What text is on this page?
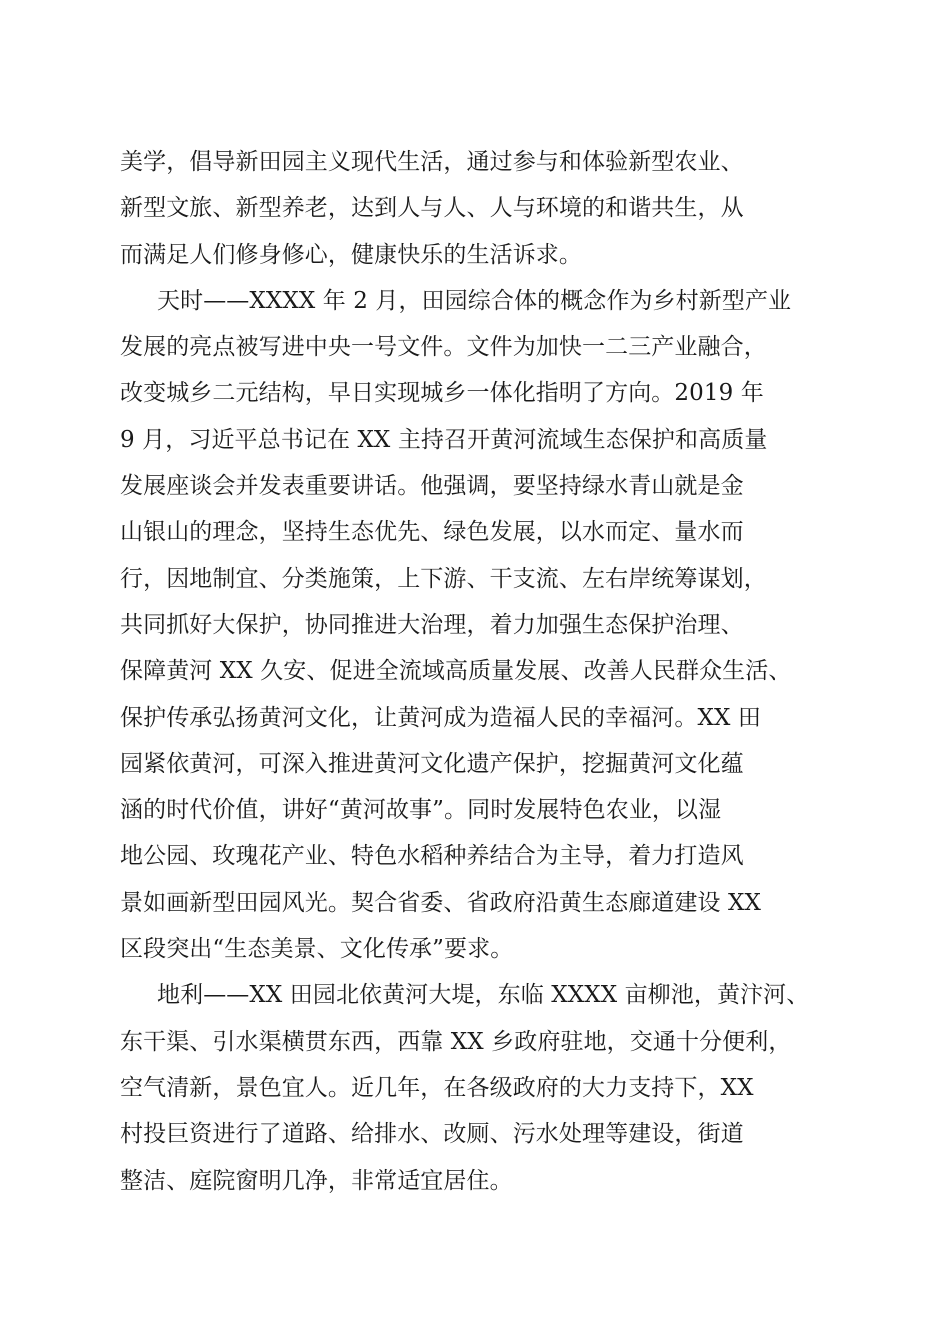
美学，倡导新田园主义现代生活，通过参与和体验新型农业、
新型文旅、新型养老，达到人与人、人与环境的和谐共生，从
而满足人们修身修心，健康快乐的生活诉求。
天时——XXXX 年 2 月，田园综合体的概念作为乡村新型产业
发展的亮点被写进中央一号文件。文件为加快一二三产业融合，
改变城乡二元结构，早日实现城乡一体化指明了方向。2019 年
9 月，习近平总书记在 XX 主持召开黄河流域生态保护和高质量
发展座谈会并发表重要讲话。他强调，要坚持绿水青山就是金
山银山的理念，坚持生态优先、绿色发展，以水而定、量水而
行，因地制宜、分类施策，上下游、干支流、左右岸统筹谋划，
共同抓好大保护，协同推进大治理，着力加强生态保护治理、
保障黄河 XX 久安、促进全流域高质量发展、改善人民群众生活、
保护传承弘扬黄河文化，让黄河成为造福人民的幸福河。XX 田
园紧依黄河，可深入推进黄河文化遗产保护，挖掘黄河文化蕴
涵的时代价值，讲好“黄河故事”。同时发展特色农业，以湿
地公园、玫瑰花产业、特色水稻种养结合为主导，着力打造风
景如画新型田园风光。契合省委、省政府沿黄生态廊道建设 XX
区段突出“生态美景、文化传承”要求。
地利——XX 田园北依黄河大堤，东临 XXXX 亩柳池，黄汴河、
东干渠、引水渠横贯东西，西靠 XX 乡政府驻地，交通十分便利，
空气清新，景色宜人。近几年，在各级政府的大力支持下，XX
村投巨资进行了道路、给排水、改厕、污水处理等建设，街道
整洁、庭院窗明几净，非常适宜居住。
